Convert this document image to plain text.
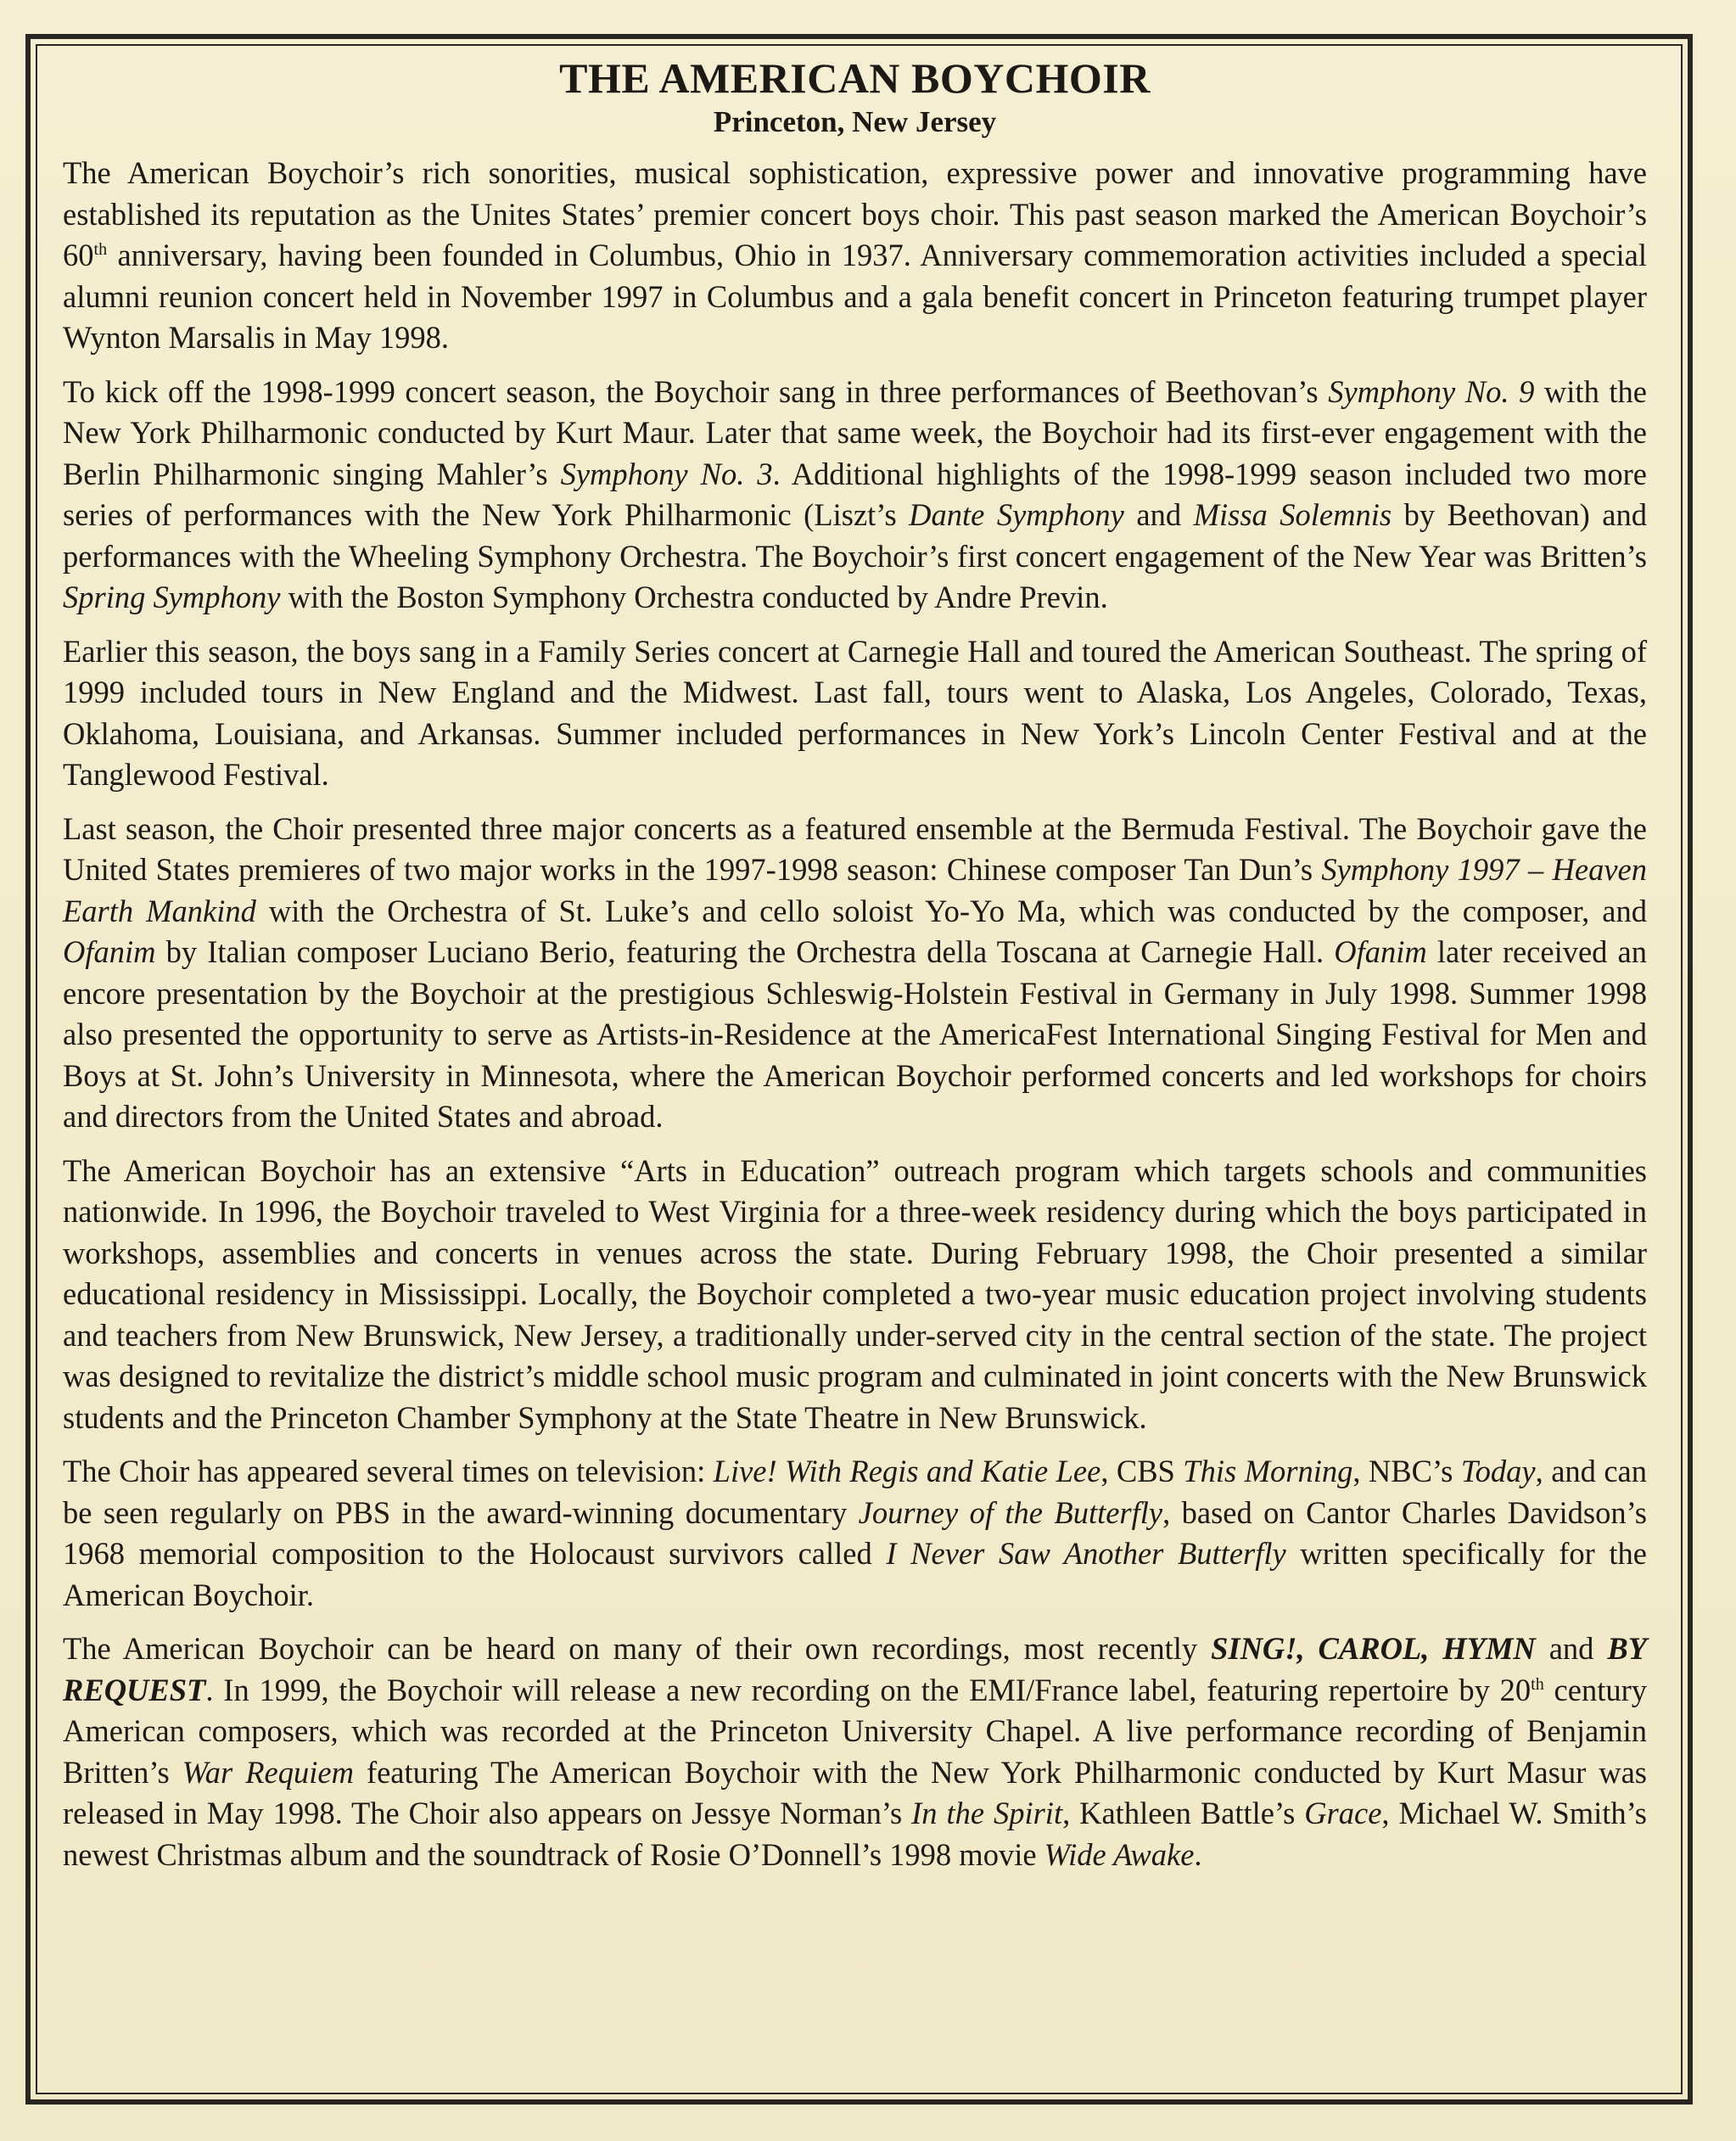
THE AMERICAN BOYCHOIR
Princeton, New Jersey

The American Boychoir’s rich sonorities, musical sophistication, expressive power and innovative programming have established its reputation as the Unites States’ premier concert boys choir. This past season marked the American Boychoir’s 60th anniversary, having been founded in Columbus, Ohio in 1937. Anniversary commemoration activities included a special alumni reunion concert held in November 1997 in Columbus and a gala benefit concert in Princeton featuring trumpet player Wynton Marsalis in May 1998.

To kick off the 1998-1999 concert season, the Boychoir sang in three performances of Beethovan’s Symphony No. 9 with the New York Philharmonic conducted by Kurt Maur. Later that same week, the Boychoir had its first-ever engagement with the Berlin Philharmonic singing Mahler’s Symphony No. 3. Additional highlights of the 1998-1999 season included two more series of performances with the New York Philharmonic (Liszt’s Dante Symphony and Missa Solemnis by Beethovan) and performances with the Wheeling Symphony Orchestra. The Boychoir’s first concert engagement of the New Year was Britten’s Spring Symphony with the Boston Symphony Orchestra conducted by Andre Previn.

Earlier this season, the boys sang in a Family Series concert at Carnegie Hall and toured the American Southeast. The spring of 1999 included tours in New England and the Midwest. Last fall, tours went to Alaska, Los Angeles, Colorado, Texas, Oklahoma, Louisiana, and Arkansas. Summer included performances in New York’s Lincoln Center Festival and at the Tanglewood Festival.

Last season, the Choir presented three major concerts as a featured ensemble at the Bermuda Festival. The Boychoir gave the United States premieres of two major works in the 1997-1998 season: Chinese composer Tan Dun’s Symphony 1997 – Heaven Earth Mankind with the Orchestra of St. Luke’s and cello soloist Yo-Yo Ma, which was conducted by the composer, and Ofanim by Italian composer Luciano Berio, featuring the Orchestra della Toscana at Carnegie Hall. Ofanim later received an encore presentation by the Boychoir at the prestigious Schleswig-Holstein Festival in Germany in July 1998. Summer 1998 also presented the opportunity to serve as Artists-in-Residence at the AmericaFest International Singing Festival for Men and Boys at St. John’s University in Minnesota, where the American Boychoir performed concerts and led workshops for choirs and directors from the United States and abroad.

The American Boychoir has an extensive “Arts in Education” outreach program which targets schools and communities nationwide. In 1996, the Boychoir traveled to West Virginia for a three-week residency during which the boys participated in workshops, assemblies and concerts in venues across the state. During February 1998, the Choir presented a similar educational residency in Mississippi. Locally, the Boychoir completed a two-year music education project involving students and teachers from New Brunswick, New Jersey, a traditionally under-served city in the central section of the state. The project was designed to revitalize the district’s middle school music program and culminated in joint concerts with the New Brunswick students and the Princeton Chamber Symphony at the State Theatre in New Brunswick.

The Choir has appeared several times on television: Live! With Regis and Katie Lee, CBS This Morning, NBC’s Today, and can be seen regularly on PBS in the award-winning documentary Journey of the Butterfly, based on Cantor Charles Davidson’s 1968 memorial composition to the Holocaust survivors called I Never Saw Another Butterfly written specifically for the American Boychoir.

The American Boychoir can be heard on many of their own recordings, most recently SING!, CAROL, HYMN and BY REQUEST. In 1999, the Boychoir will release a new recording on the EMI/France label, featuring repertoire by 20th century American composers, which was recorded at the Princeton University Chapel. A live performance recording of Benjamin Britten’s War Requiem featuring The American Boychoir with the New York Philharmonic conducted by Kurt Masur was released in May 1998. The Choir also appears on Jessye Norman’s In the Spirit, Kathleen Battle’s Grace, Michael W. Smith’s newest Christmas album and the soundtrack of Rosie O’Donnell’s 1998 movie Wide Awake.
